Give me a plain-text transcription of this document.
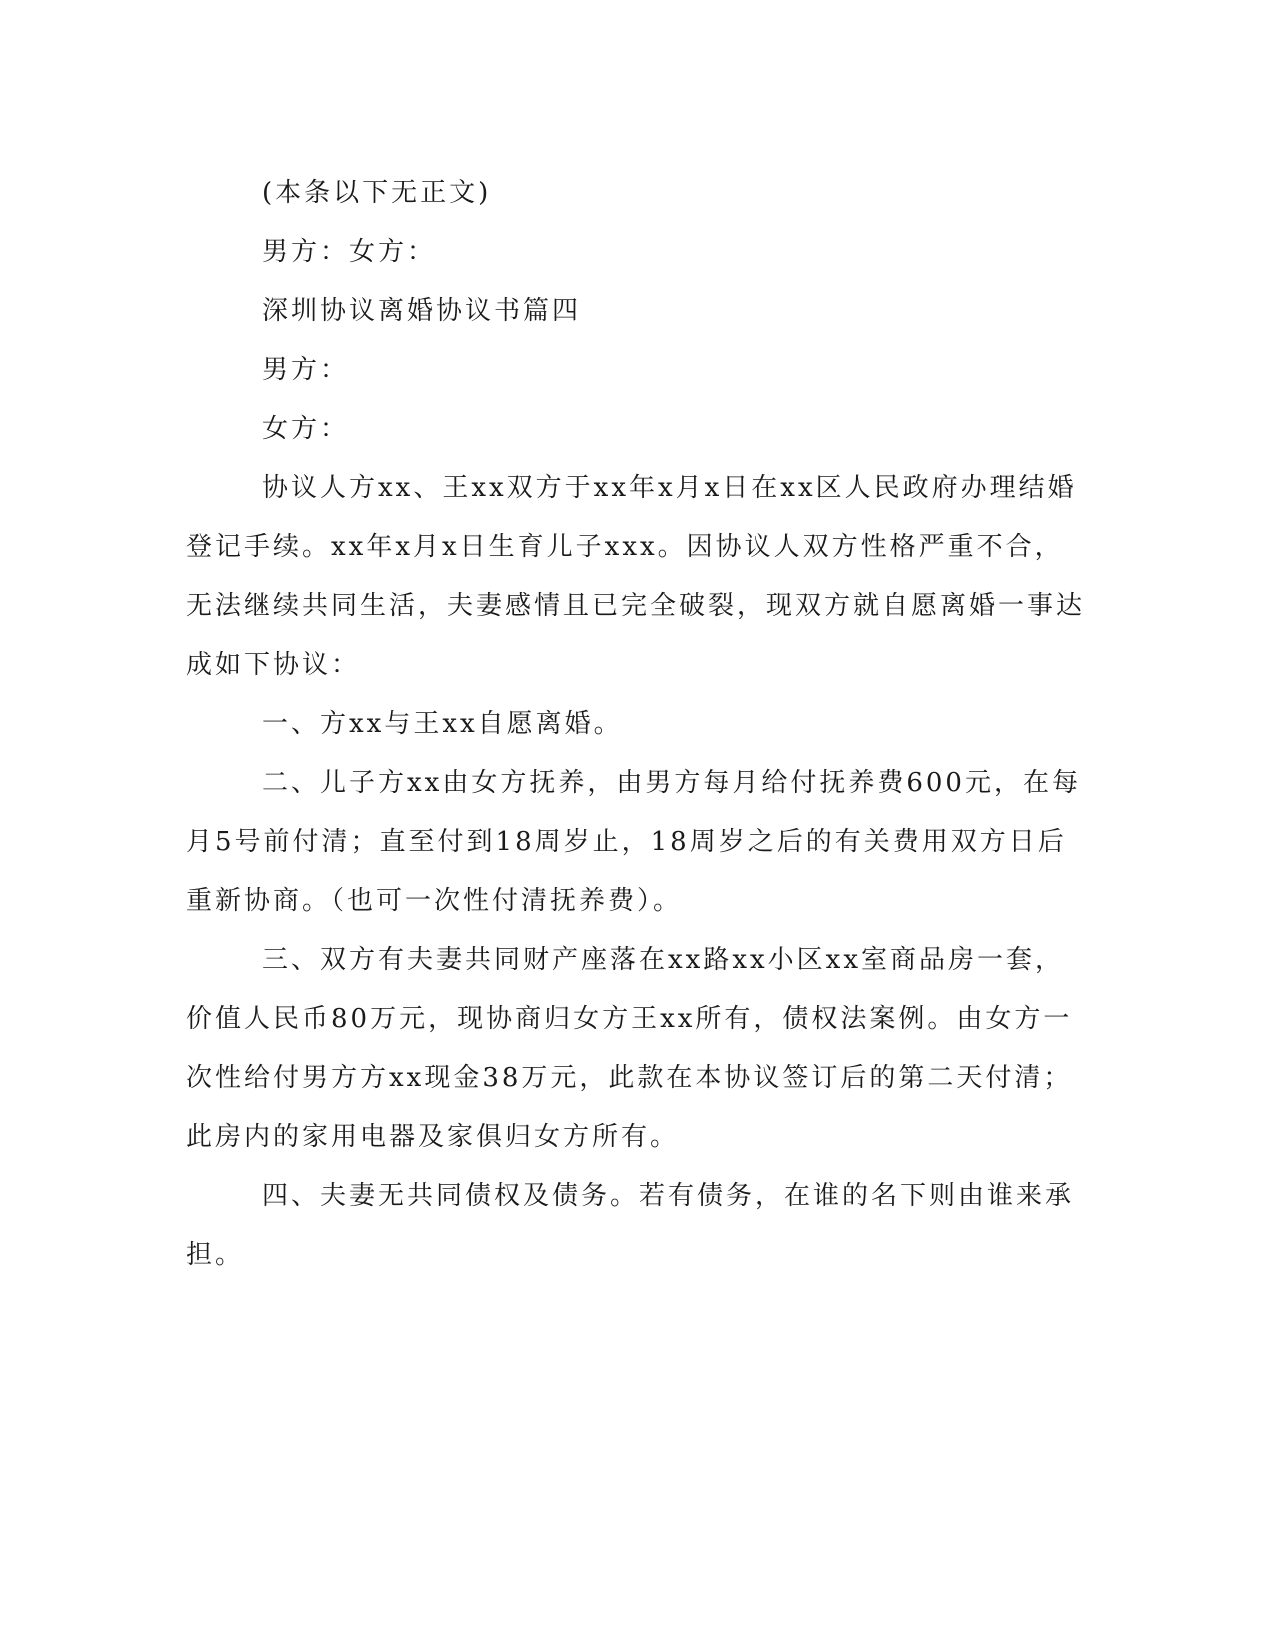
(本条以下无正文)

男方：女方：

深圳协议离婚协议书篇四

男方：

女方：

协议人方xx、王xx双方于xx年x月x日在xx区人民政府办理结婚登记手续。xx年x月x日生育儿子xxx。因协议人双方性格严重不合，无法继续共同生活，夫妻感情且已完全破裂，现双方就自愿离婚一事达成如下协议：

一、方xx与王xx自愿离婚。

二、儿子方xx由女方抚养，由男方每月给付抚养费600元，在每月5号前付清；直至付到18周岁止，18周岁之后的有关费用双方日后重新协商。（也可一次性付清抚养费）。

三、双方有夫妻共同财产座落在xx路xx小区xx室商品房一套，价值人民币80万元，现协商归女方王xx所有，债权法案例。由女方一次性给付男方方xx现金38万元，此款在本协议签订后的第二天付清；此房内的家用电器及家俱归女方所有。

四、夫妻无共同债权及债务。若有债务，在谁的名下则由谁来承担。
